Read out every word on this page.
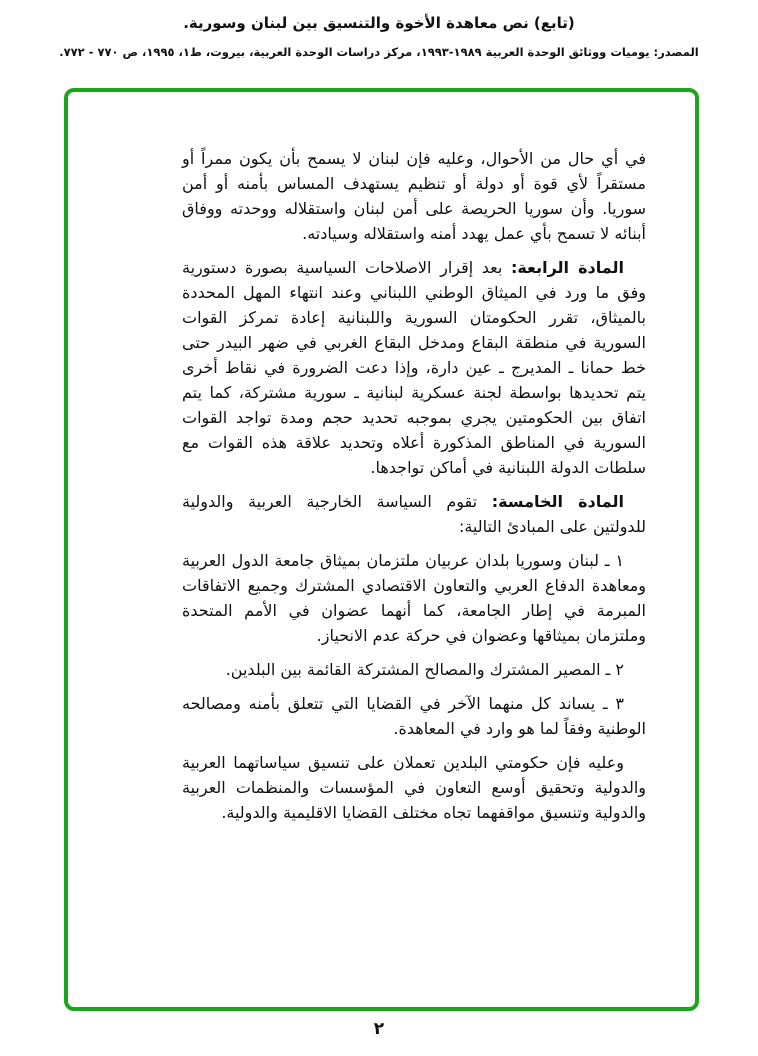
(تابع) نص معاهدة الأخوة والتنسيق بين لبنان وسورية.
المصدر: يوميات ووثائق الوحدة العربية ١٩٨٩-١٩٩٣، مركز دراسات الوحدة العربية، بيروت، ط١، ١٩٩٥، ص ٧٧٠ - ٧٧٢.

في أي حال من الأحوال، وعليه فإن لبنان لا يسمح بأن يكون ممراً أو مستقراً لأي قوة أو دولة أو تنظيم يستهدف المساس بأمنه أو أمن سوريا. وأن سوريا الحريصة على أمن لبنان واستقلاله ووحدته ووفاق أبنائه لا تسمح بأي عمل يهدد أمنه واستقلاله وسيادته.

المادة الرابعة: بعد إقرار الاصلاحات السياسية بصورة دستورية وفق ما ورد في الميثاق الوطني اللبناني وعند انتهاء المهل المحددة بالميثاق، تقرر الحكومتان السورية واللبنانية إعادة تمركز القوات السورية في منطقة البقاع ومدخل البقاع الغربي في ضهر البيدر حتى خط حمانا ـ المديرج ـ عين دارة، وإذا دعت الضرورة في نقاط أخرى يتم تحديدها بواسطة لجنة عسكرية لبنانية ـ سورية مشتركة، كما يتم اتفاق بين الحكومتين يجري بموجبه تحديد حجم ومدة تواجد القوات السورية في المناطق المذكورة أعلاه وتحديد علاقة هذه القوات مع سلطات الدولة اللبنانية في أماكن تواجدها.

المادة الخامسة: تقوم السياسة الخارجية العربية والدولية للدولتين على المبادئ التالية:

١ ـ لبنان وسوريا بلدان عربيان ملتزمان بميثاق جامعة الدول العربية ومعاهدة الدفاع العربي والتعاون الاقتصادي المشترك وجميع الاتفاقات المبرمة في إطار الجامعة، كما أنهما عضوان في الأمم المتحدة وملتزمان بميثاقها وعضوان في حركة عدم الانحياز.

٢ ـ المصير المشترك والمصالح المشتركة القائمة بين البلدين.

٣ ـ يساند كل منهما الآخر في القضايا التي تتعلق بأمنه ومصالحه الوطنية وفقاً لما هو وارد في المعاهدة.

وعليه فإن حكومتي البلدين تعملان على تنسيق سياساتهما العربية والدولية وتحقيق أوسع التعاون في المؤسسات والمنظمات العربية والدولية وتنسيق مواقفهما تجاه مختلف القضايا الاقليمية والدولية.

٢
